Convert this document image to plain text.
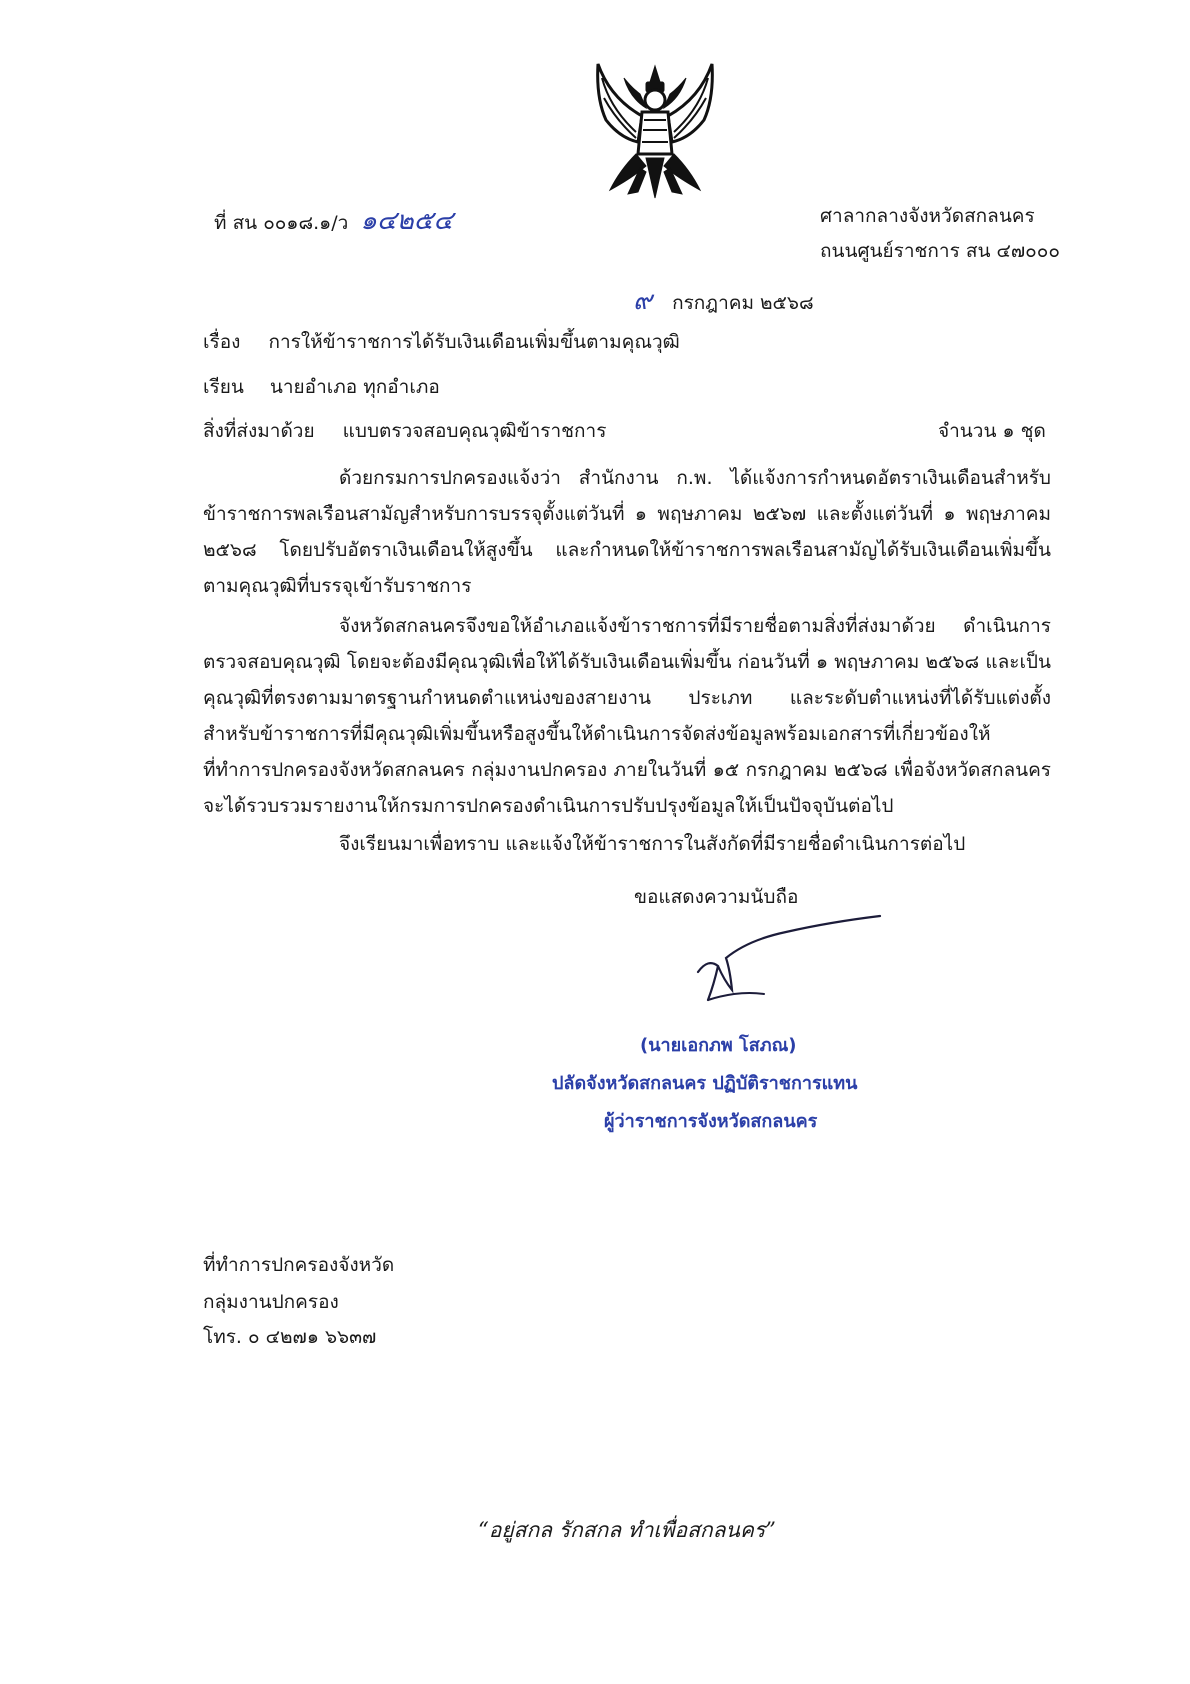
ที่ สน ๐๐๑๘.๑/ว ๑๔๒๕๔	ศาลากลางจังหวัดสกลนคร
ถนนศูนย์ราชการ สน ๔๗๐๐๐
๙ กรกฎาคม ๒๕๖๘
เรื่อง การให้ข้าราชการได้รับเงินเดือนเพิ่มขึ้นตามคุณวุฒิ
เรียน นายอำเภอ ทุกอำเภอ
สิ่งที่ส่งมาด้วย แบบตรวจสอบคุณวุฒิข้าราชการ	จำนวน ๑ ชุด
ด้วยกรมการปกครองแจ้งว่า สำนักงาน ก.พ. ได้แจ้งการกำหนดอัตราเงินเดือนสำหรับข้าราชการพลเรือนสามัญสำหรับการบรรจุตั้งแต่วันที่ ๑ พฤษภาคม ๒๕๖๗ และตั้งแต่วันที่ ๑ พฤษภาคม ๒๕๖๘ โดยปรับอัตราเงินเดือนให้สูงขึ้น และกำหนดให้ข้าราชการพลเรือนสามัญได้รับเงินเดือนเพิ่มขึ้นตามคุณวุฒิที่บรรจุเข้ารับราชการ
จังหวัดสกลนครจึงขอให้อำเภอแจ้งข้าราชการที่มีรายชื่อตามสิ่งที่ส่งมาด้วย ดำเนินการตรวจสอบคุณวุฒิ โดยจะต้องมีคุณวุฒิเพื่อให้ได้รับเงินเดือนเพิ่มขึ้น ก่อนวันที่ ๑ พฤษภาคม ๒๕๖๘ และเป็นคุณวุฒิที่ตรงตามมาตรฐานกำหนดตำแหน่งของสายงาน ประเภท และระดับตำแหน่งที่ได้รับแต่งตั้ง สำหรับข้าราชการที่มีคุณวุฒิเพิ่มขึ้นหรือสูงขึ้นให้ดำเนินการจัดส่งข้อมูลพร้อมเอกสารที่เกี่ยวข้องให้ที่ทำการปกครองจังหวัดสกลนคร กลุ่มงานปกครอง ภายในวันที่ ๑๕ กรกฎาคม ๒๕๖๘ เพื่อจังหวัดสกลนครจะได้รวบรวมรายงานให้กรมการปกครองดำเนินการปรับปรุงข้อมูลให้เป็นปัจจุบันต่อไป
จึงเรียนมาเพื่อทราบ และแจ้งให้ข้าราชการในสังกัดที่มีรายชื่อดำเนินการต่อไป
ขอแสดงความนับถือ
(นายเอกภพ โสภณ)
ปลัดจังหวัดสกลนคร ปฏิบัติราชการแทน
ผู้ว่าราชการจังหวัดสกลนคร
ที่ทำการปกครองจังหวัด
กลุ่มงานปกครอง
โทร. ๐ ๔๒๗๑ ๖๖๓๗
“อยู่สกล รักสกล ทำเพื่อสกลนคร”
